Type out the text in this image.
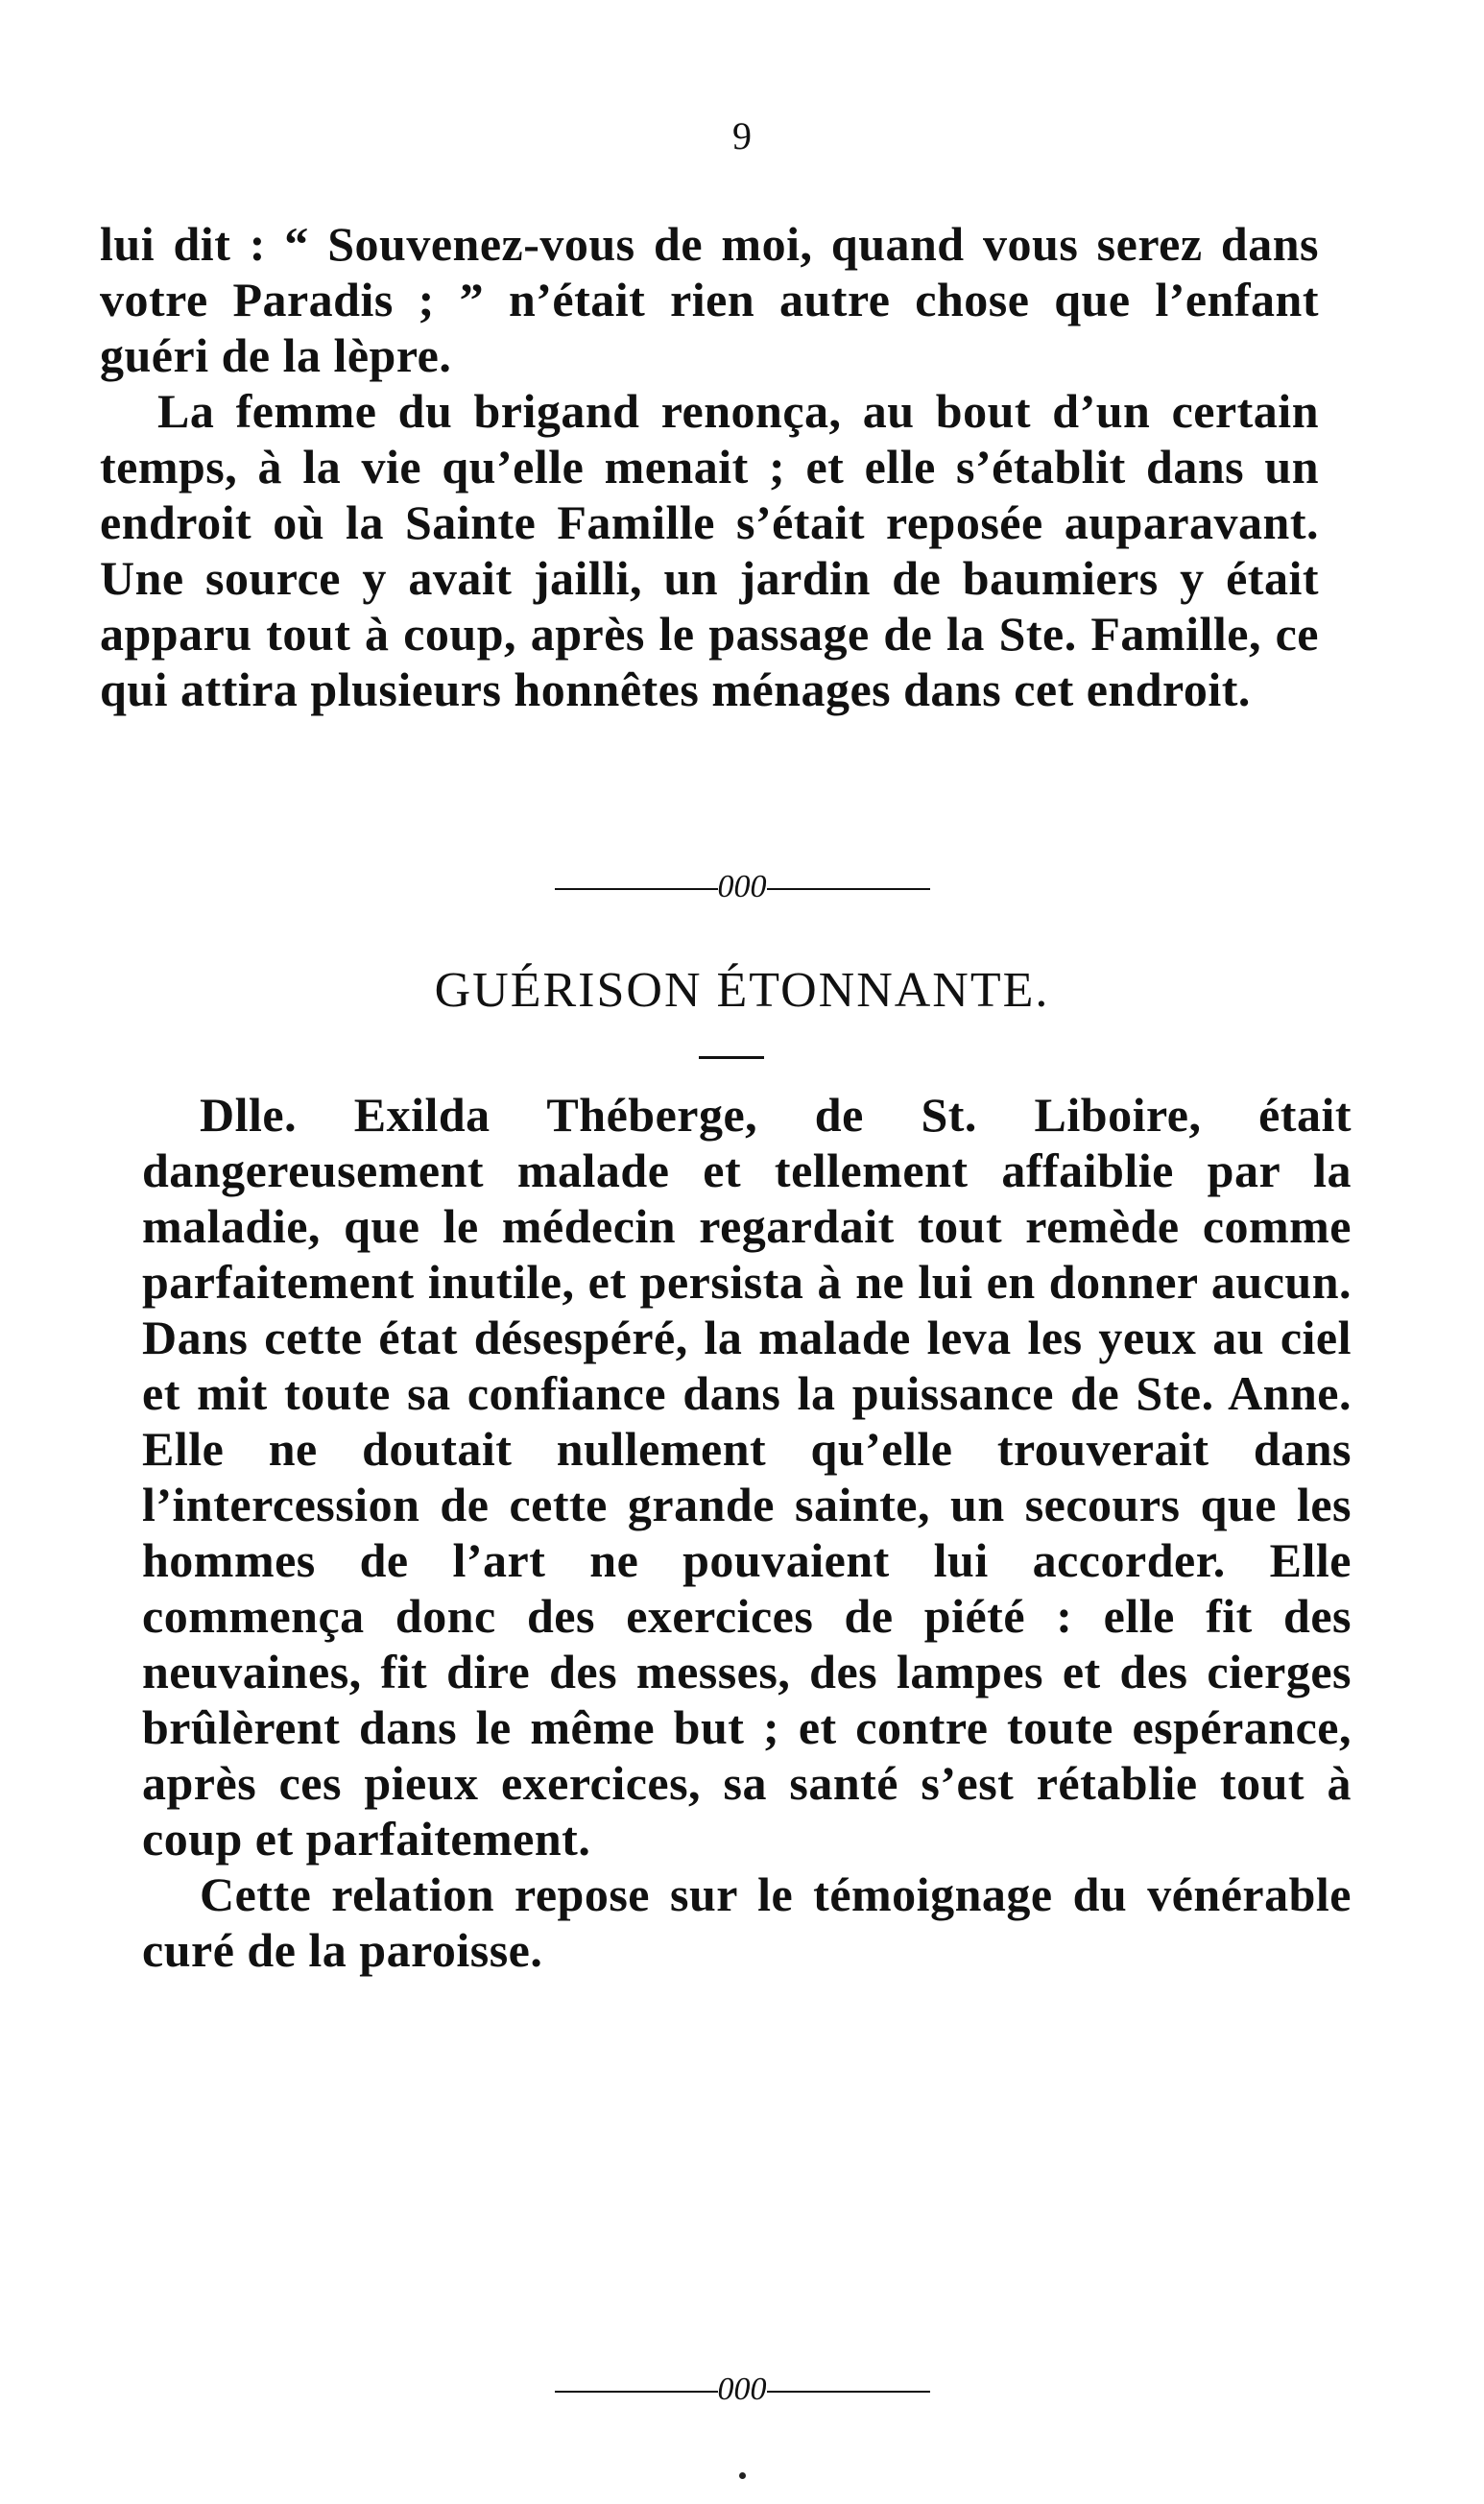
9

lui dit : “ Souvenez-vous de moi, quand vous serez dans votre Paradis ; ” n’était rien autre chose que l’enfant guéri de la lèpre.

La femme du brigand renonça, au bout d’un certain temps, à la vie qu’elle menait ; et elle s’établit dans un endroit où la Sainte Famille s’était reposée auparavant. Une source y avait jailli, un jardin de baumiers y était apparu tout à coup, après le passage de la Ste. Famille, ce qui attira plusieurs honnêtes ménages dans cet endroit.

000
GUÉRISON ÉTONNANTE.

Dlle. Exilda Théberge, de St. Liboire, était dangereusement malade et tellement affaiblie par la maladie, que le médecin regardait tout remède comme parfaitement inutile, et persista à ne lui en donner aucun. Dans cette état désespéré, la malade leva les yeux au ciel et mit toute sa confiance dans la puissance de Ste. Anne. Elle ne doutait nullement qu’elle trouverait dans l’intercession de cette grande sainte, un secours que les hommes de l’art ne pouvaient lui accorder. Elle commença donc des exercices de piété : elle fit des neuvaines, fit dire des messes, des lampes et des cierges brûlèrent dans le même but ; et contre toute espérance, après ces pieux exercices, sa santé s’est rétablie tout à coup et parfaitement.

Cette relation repose sur le témoignage du vénérable curé de la paroisse.

000
